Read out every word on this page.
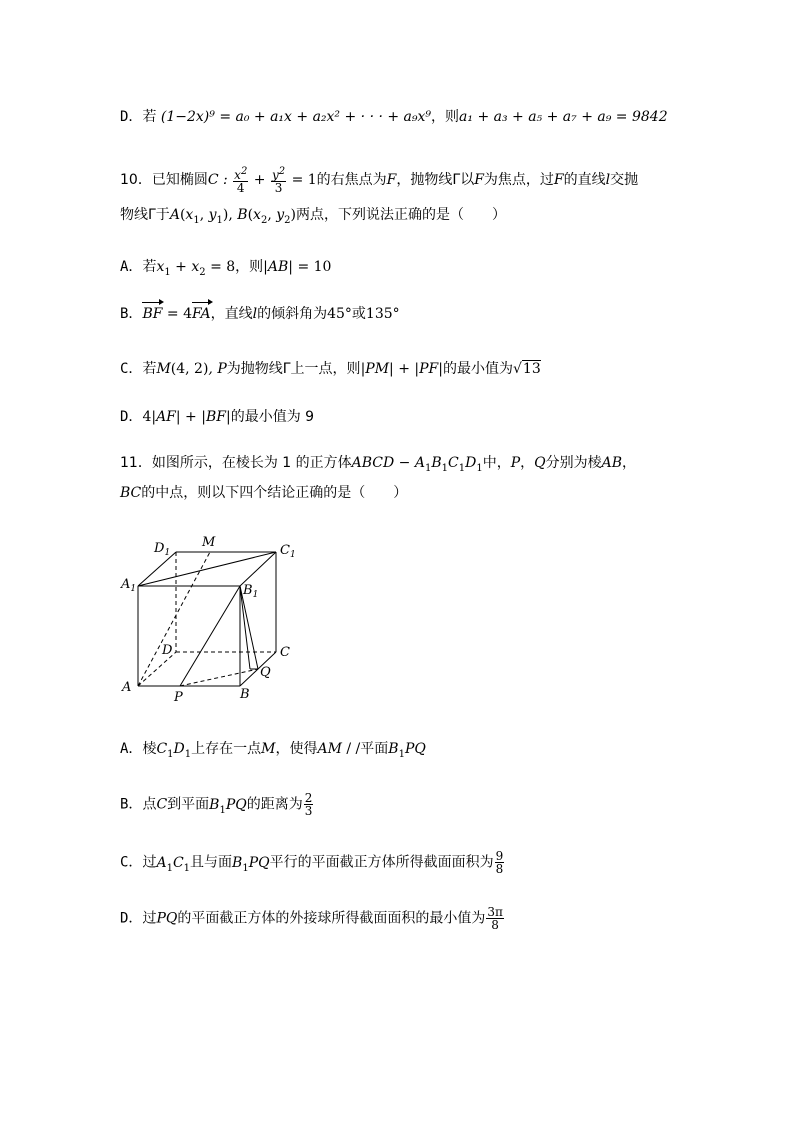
D．若 (1−2x)⁹ = a₀ + a₁x + a₂x² + · · · + a₉x⁹，则a₁ + a₃ + a₅ + a₇ + a₉ = 9842
10．已知椭圆C : $\frac{x^2}{4} + \frac{y^2}{3} = 1$的右焦点为F，抛物线Γ以F为焦点，过F的直线l交抛
物线Γ于$A(x_1$, $y_1$), $B(x_2$, $y_2$)两点，下列说法正确的是（　　）
A．若$x_1 + x_2 = 8$，则|AB| = 10
B．BF = 4FA，直线l的倾斜角为45°或135°
C．若M(4, 2), P为抛物线Γ上一点，则|PM| + |PF|的最小值为√13
D．4|AF| + |BF|的最小值为 9
11．如图所示，在棱长为 1 的正方体ABCD − $A_1B_1C_1D_1$中，P，Q分别为棱AB，
BC的中点，则以下四个结论正确的是（　　）
$D_1$
M
$C_1$
$A_1$	$B_1$
D	C
Q
A
P	B
A．棱$C_1D_1$上存在一点M，使得AM / /平面$B_1PQ$
B．点C到平面$B_1PQ$的距离为 $\frac{2}{3}$
C．过$A_1C_1$且与面$B_1PQ$平行的平面截正方体所得截面面积为 $\frac{9}{8}$
D．过PQ的平面截正方体的外接球所得截面面积的最小值为 $\frac{3\pi}{8}$
